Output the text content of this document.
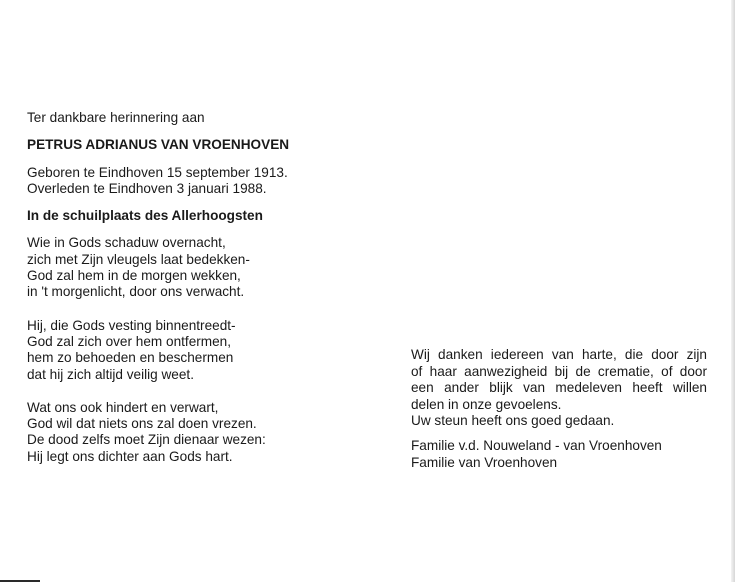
Ter dankbare herinnering aan
PETRUS ADRIANUS VAN VROENHOVEN
Geboren te Eindhoven 15 september 1913.
Overleden te Eindhoven 3 januari 1988.
In de schuilplaats des Allerhoogsten
Wie in Gods schaduw overnacht,
zich met Zijn vleugels laat bedekken-
God zal hem in de morgen wekken,
in 't morgenlicht, door ons verwacht.
Hij, die Gods vesting binnentreedt-
God zal zich over hem ontfermen,
hem zo behoeden en beschermen
dat hij zich altijd veilig weet.
Wat ons ook hindert en verwart,
God wil dat niets ons zal doen vrezen.
De dood zelfs moet Zijn dienaar wezen:
Hij legt ons dichter aan Gods hart.
Wij danken iedereen van harte, die door zijn
of haar aanwezigheid bij de crematie, of door
een ander blijk van medeleven heeft willen
delen in onze gevoelens.
Uw steun heeft ons goed gedaan.
Familie v.d. Nouweland - van Vroenhoven
Familie van Vroenhoven
